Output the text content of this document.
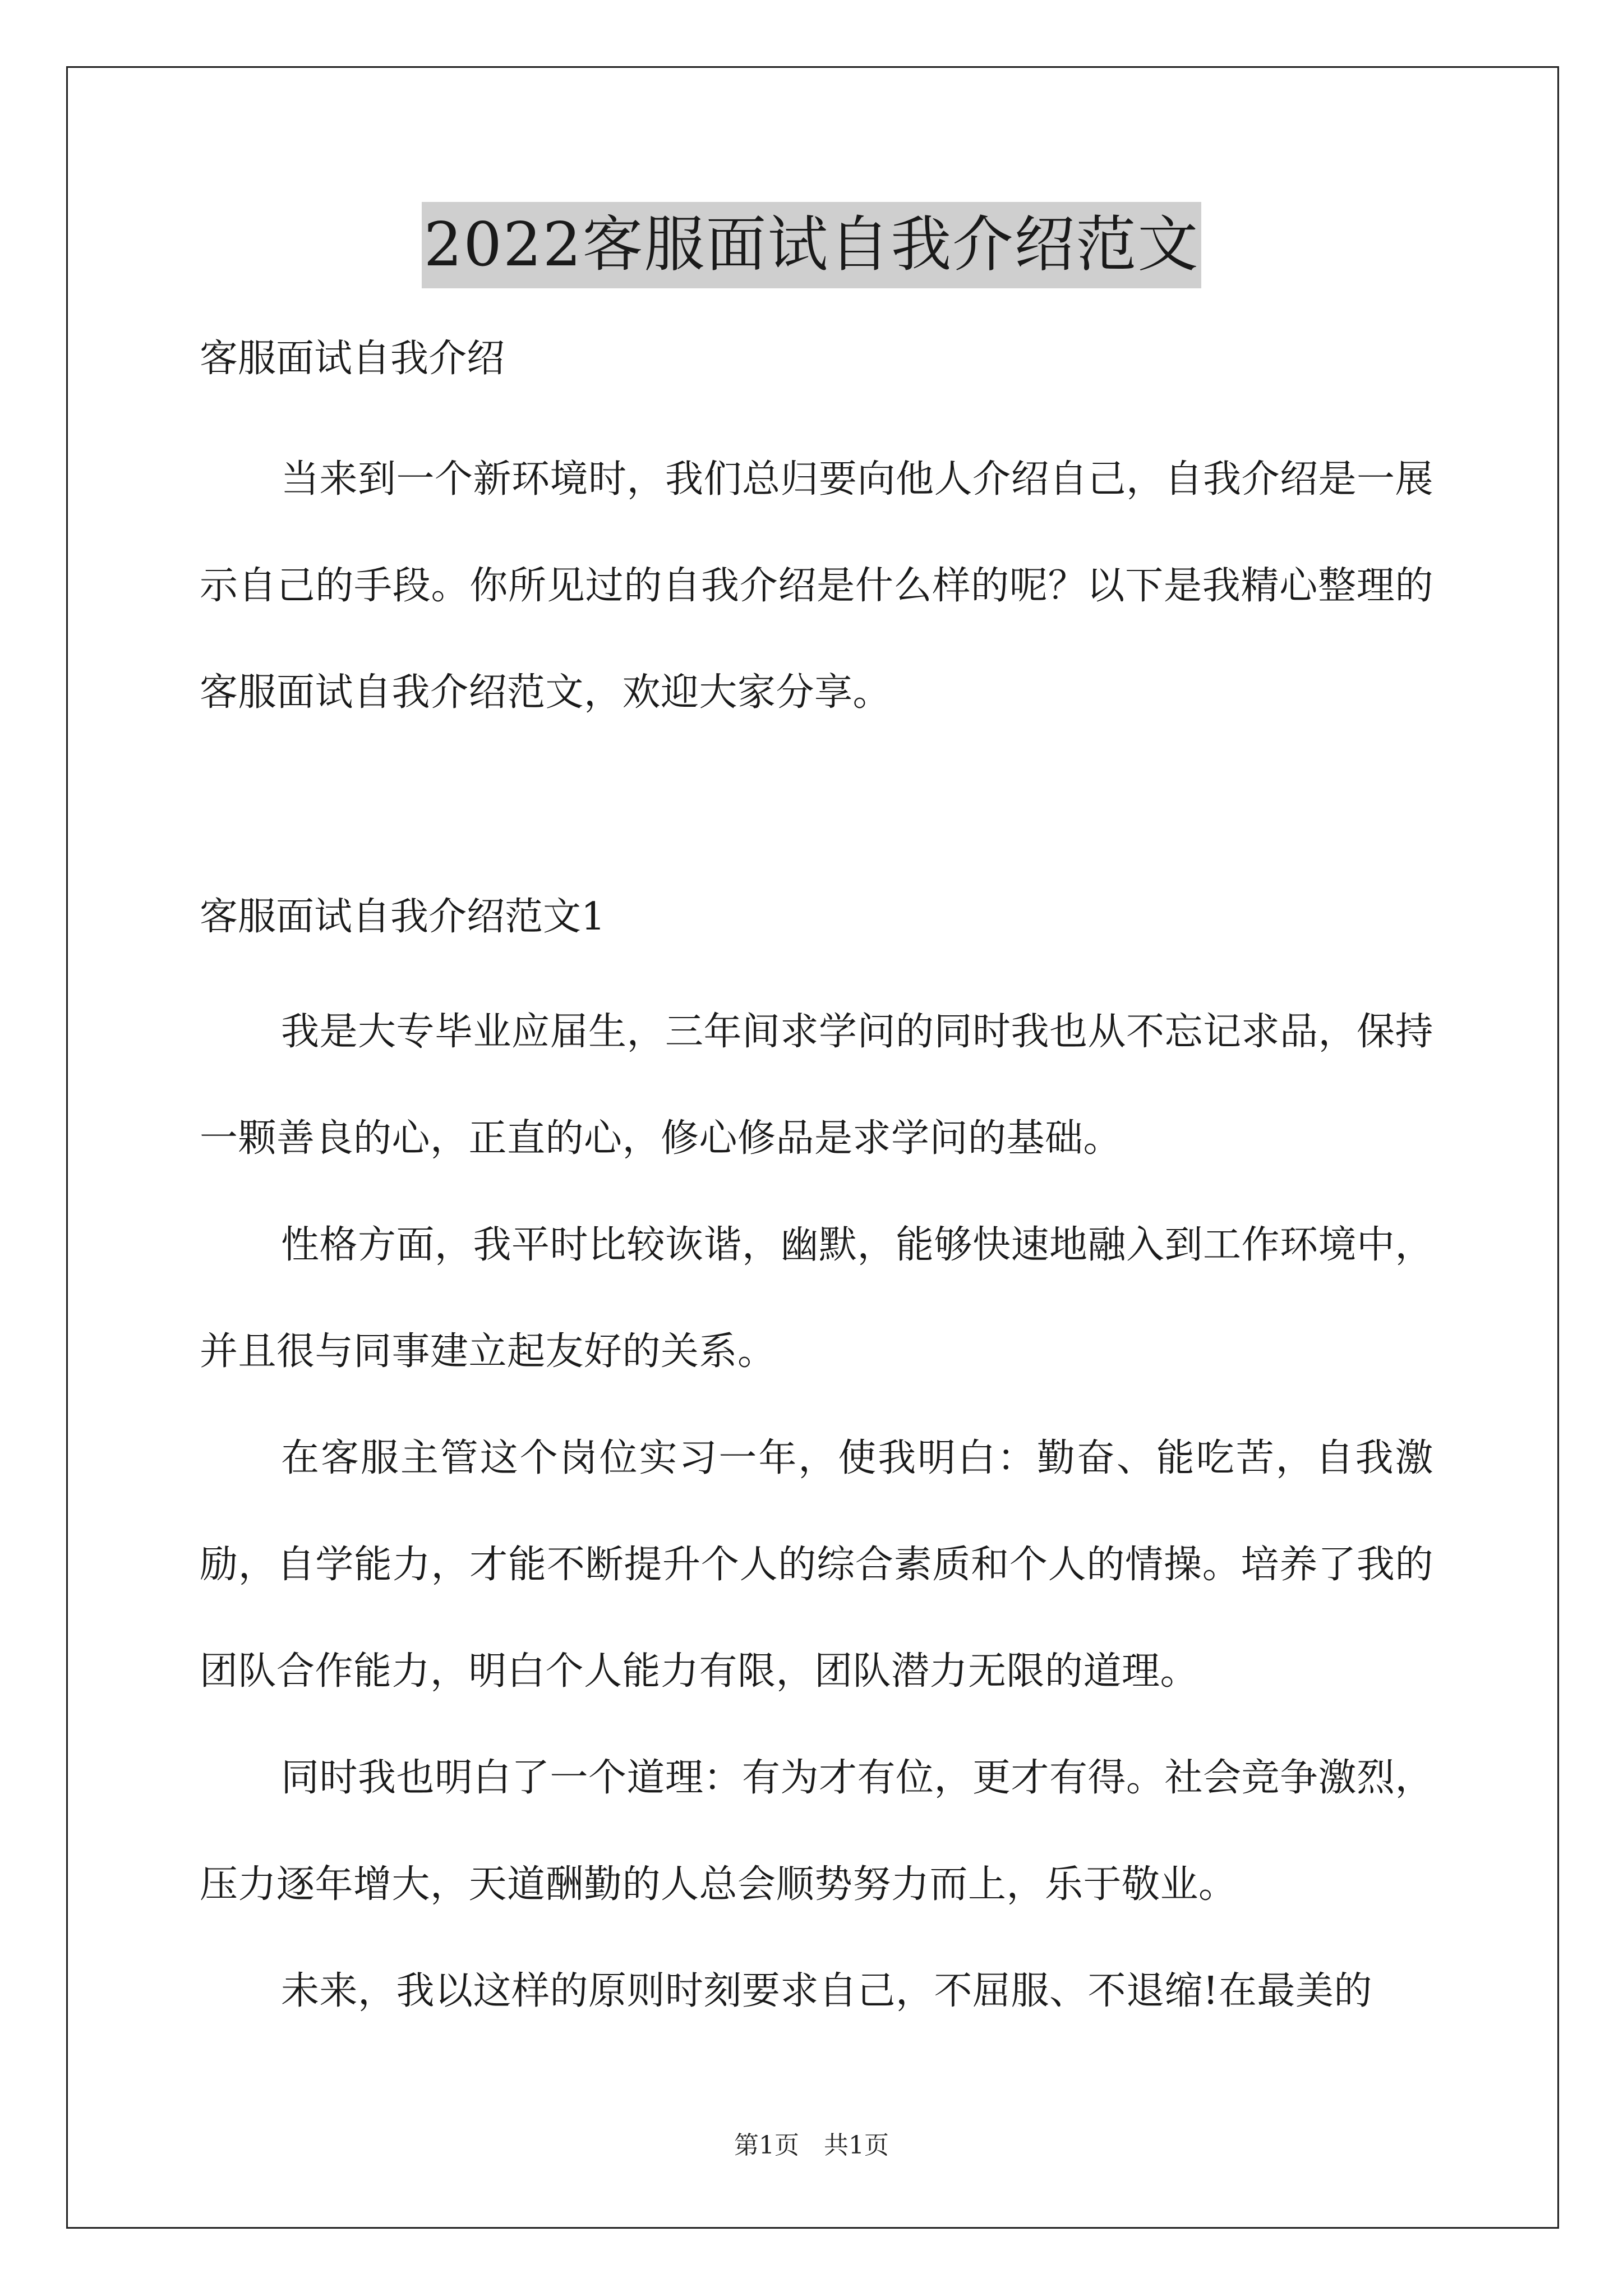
2022客服面试自我介绍范文

客服面试自我介绍

当来到一个新环境时，我们总归要向他人介绍自己，自我介绍是一展示自己的手段。你所见过的自我介绍是什么样的呢？以下是我精心整理的客服面试自我介绍范文，欢迎大家分享。

客服面试自我介绍范文1

我是大专毕业应届生，三年间求学问的同时我也从不忘记求品，保持一颗善良的心，正直的心，修心修品是求学问的基础。

性格方面，我平时比较诙谐，幽默，能够快速地融入到工作环境中，并且很与同事建立起友好的关系。

在客服主管这个岗位实习一年，使我明白：勤奋、能吃苦，自我激励，自学能力，才能不断提升个人的综合素质和个人的情操。培养了我的团队合作能力，明白个人能力有限，团队潜力无限的道理。

同时我也明白了一个道理：有为才有位，更才有得。社会竞争激烈，压力逐年增大，天道酬勤的人总会顺势努力而上，乐于敬业。

未来，我以这样的原则时刻要求自己，不屈服、不退缩!在最美的

第1页　共1页
